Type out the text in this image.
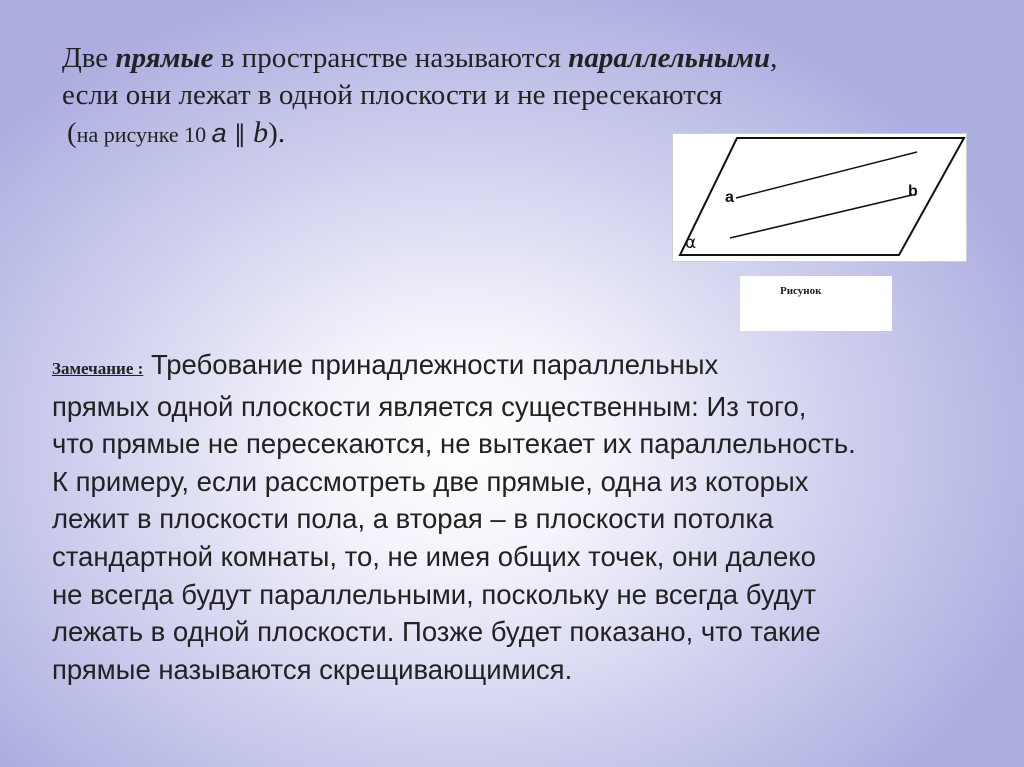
Две прямые в пространстве называются параллельными,
если они лежат в одной плоскости и не пересекаются
(на рисунке 10 a ∥ b).
a	b
α
Рисунок
Замечание : Требование принадлежности параллельных
прямых одной плоскости является существенным: Из того,
что прямые не пересекаются, не вытекает их параллельность.
К примеру, если рассмотреть две прямые, одна из которых
лежит в плоскости пола, а вторая – в плоскости потолка
стандартной комнаты, то, не имея общих точек, они далеко
не всегда будут параллельными, поскольку не всегда будут
лежать в одной плоскости. Позже будет показано, что такие
прямые называются скрещивающимися.
